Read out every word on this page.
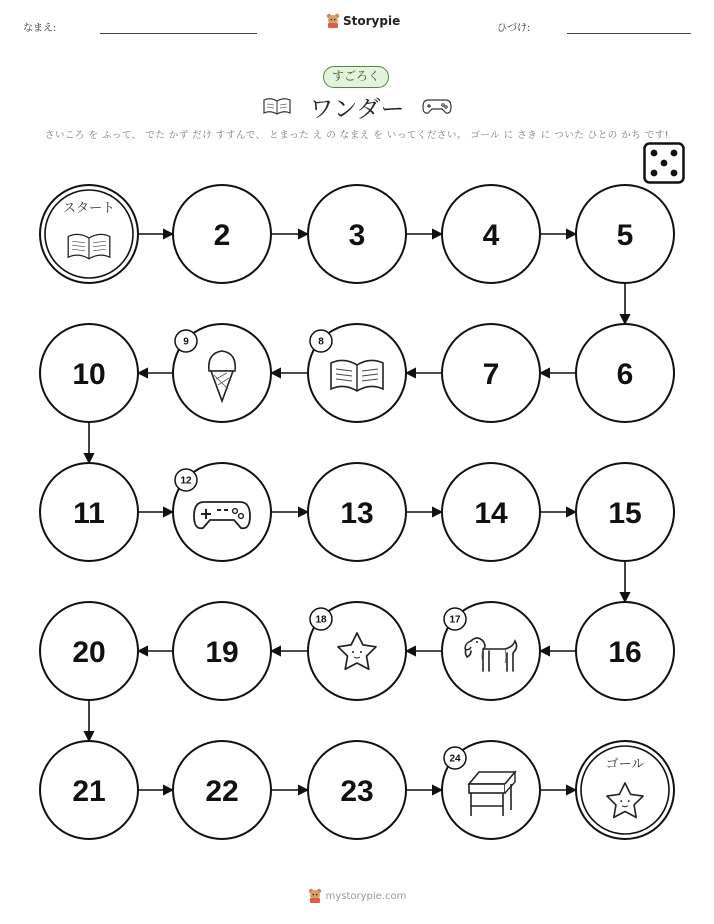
なまえ:
Storypie
ひづけ:
すごろく
ワンダー
さいころ を ふって、 でた かず だけ すすんで、 とまった え の なまえ を いってください。 ゴール に さき に ついた ひとの かち です!
スタート
2	3	4	5
6
7
8
9
10
11
12
13	14	15
16
17
18
19
20
21	22	23
24	ゴール
mystorypie.com
